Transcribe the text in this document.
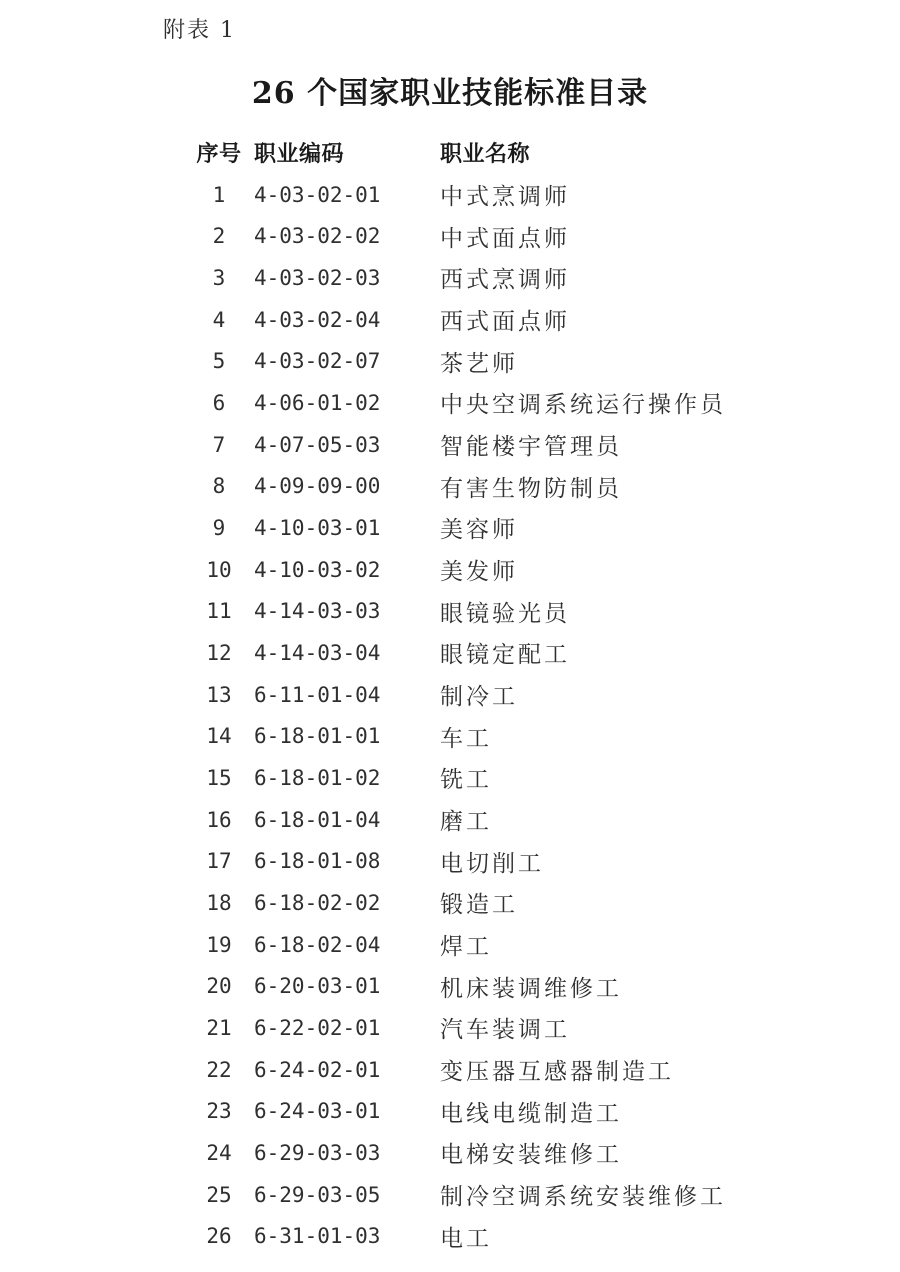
附表 1
26 个国家职业技能标准目录
序号 职业编码	职业名称
1	4-03-02-01	中式烹调师
2	4-03-02-02	中式面点师
3	4-03-02-03	西式烹调师
4	4-03-02-04	西式面点师
5	4-03-02-07	茶艺师
6	4-06-01-02	中央空调系统运行操作员
7	4-07-05-03	智能楼宇管理员
8	4-09-09-00	有害生物防制员
9	4-10-03-01	美容师
10	4-10-03-02	美发师
11	4-14-03-03	眼镜验光员
12	4-14-03-04	眼镜定配工
13	6-11-01-04	制冷工
14	6-18-01-01	车工
15	6-18-01-02	铣工
16	6-18-01-04	磨工
17	6-18-01-08	电切削工
18	6-18-02-02	锻造工
19	6-18-02-04	焊工
20	6-20-03-01	机床装调维修工
21	6-22-02-01	汽车装调工
22	6-24-02-01	变压器互感器制造工
23	6-24-03-01	电线电缆制造工
24	6-29-03-03	电梯安装维修工
25	6-29-03-05	制冷空调系统安装维修工
26	6-31-01-03	电工
